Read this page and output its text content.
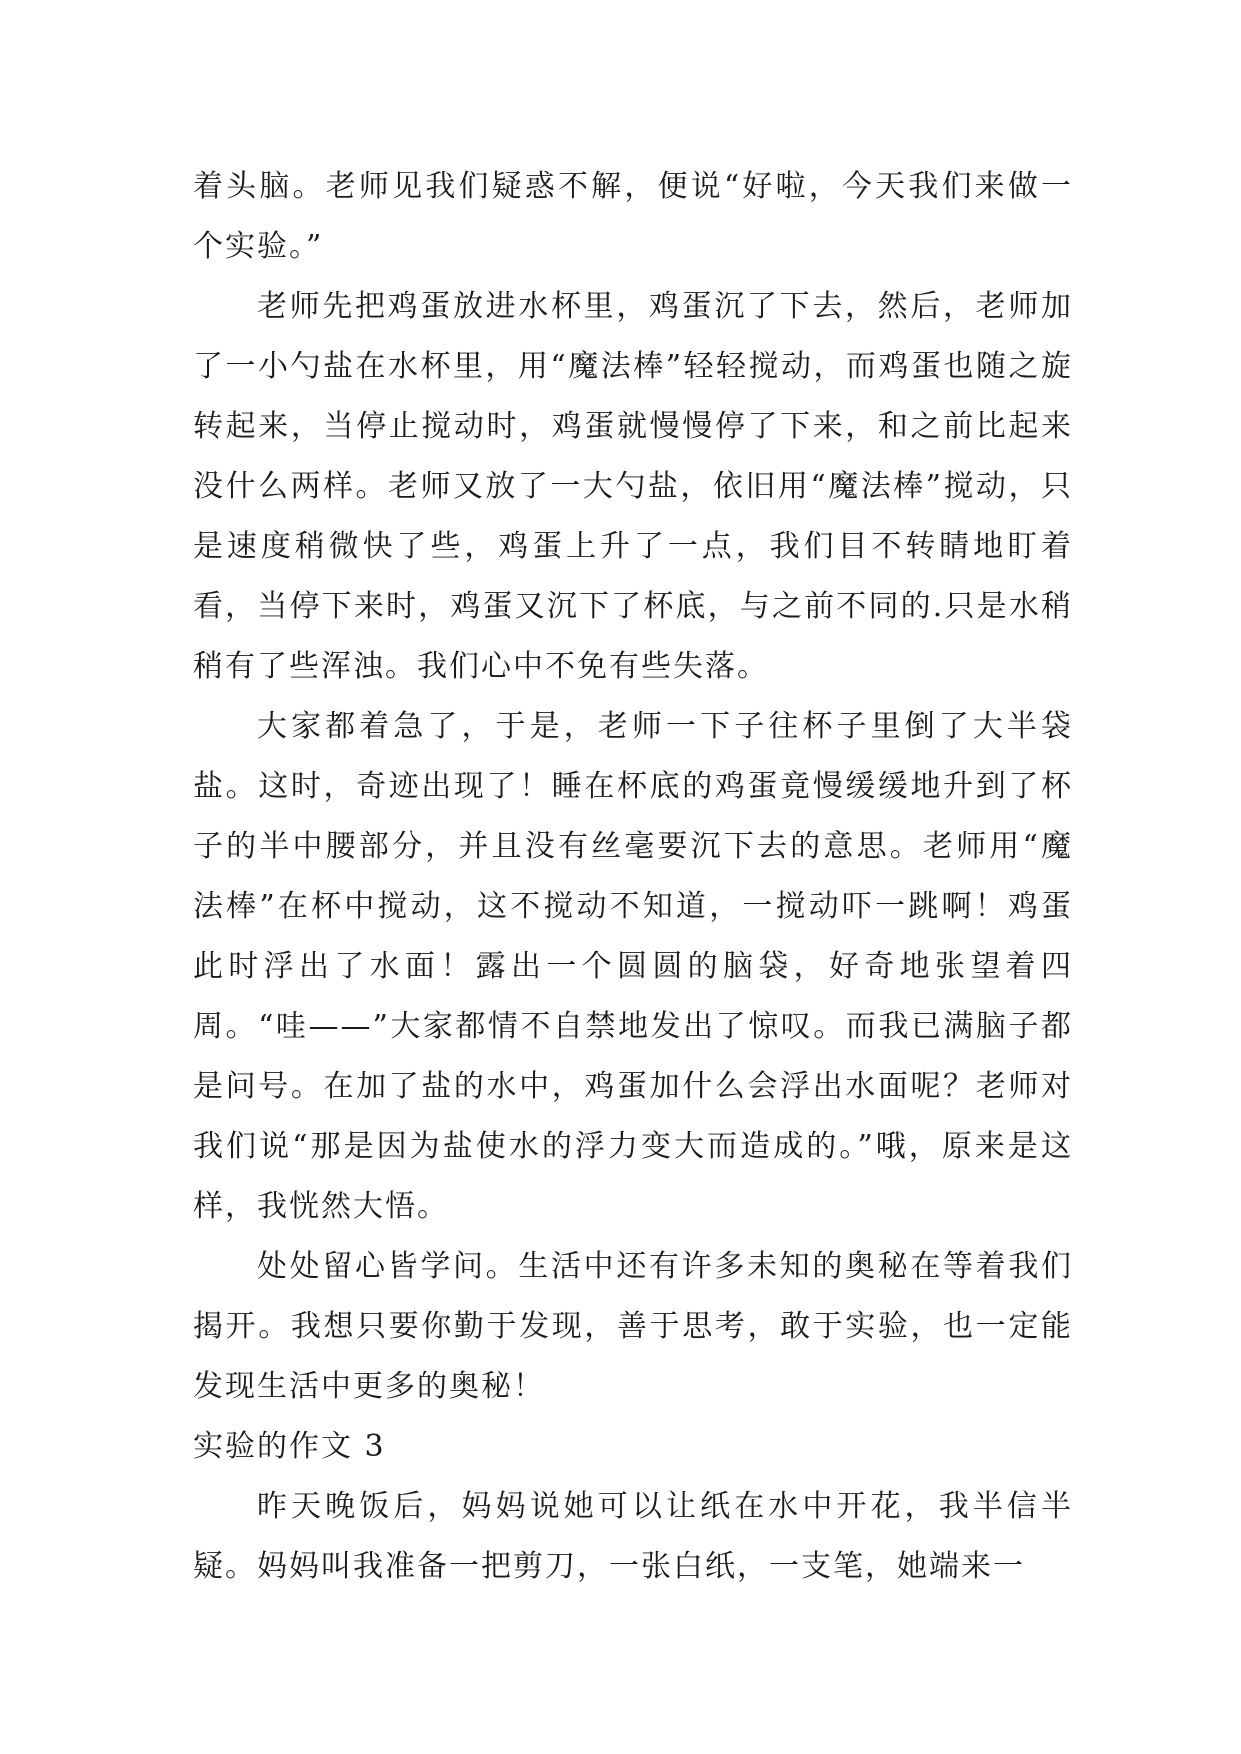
着头脑。老师见我们疑惑不解，便说“好啦，今天我们来做一个实验。”

老师先把鸡蛋放进水杯里，鸡蛋沉了下去，然后，老师加了一小勺盐在水杯里，用“魔法棒”轻轻搅动，而鸡蛋也随之旋转起来，当停止搅动时，鸡蛋就慢慢停了下来，和之前比起来没什么两样。老师又放了一大勺盐，依旧用“魔法棒”搅动，只是速度稍微快了些，鸡蛋上升了一点，我们目不转睛地盯着看，当停下来时，鸡蛋又沉下了杯底，与之前不同的.只是水稍稍有了些浑浊。我们心中不免有些失落。

大家都着急了，于是，老师一下子往杯子里倒了大半袋盐。这时，奇迹出现了！睡在杯底的鸡蛋竟慢缓缓地升到了杯子的半中腰部分，并且没有丝毫要沉下去的意思。老师用“魔法棒”在杯中搅动，这不搅动不知道，一搅动吓一跳啊！鸡蛋此时浮出了水面！露出一个圆圆的脑袋，好奇地张望着四周。“哇——”大家都情不自禁地发出了惊叹。而我已满脑子都是问号。在加了盐的水中，鸡蛋加什么会浮出水面呢？老师对我们说“那是因为盐使水的浮力变大而造成的。”哦，原来是这样，我恍然大悟。

处处留心皆学问。生活中还有许多未知的奥秘在等着我们揭开。我想只要你勤于发现，善于思考，敢于实验，也一定能发现生活中更多的奥秘！

实验的作文 3

昨天晚饭后，妈妈说她可以让纸在水中开花，我半信半疑。妈妈叫我准备一把剪刀，一张白纸，一支笔，她端来一
